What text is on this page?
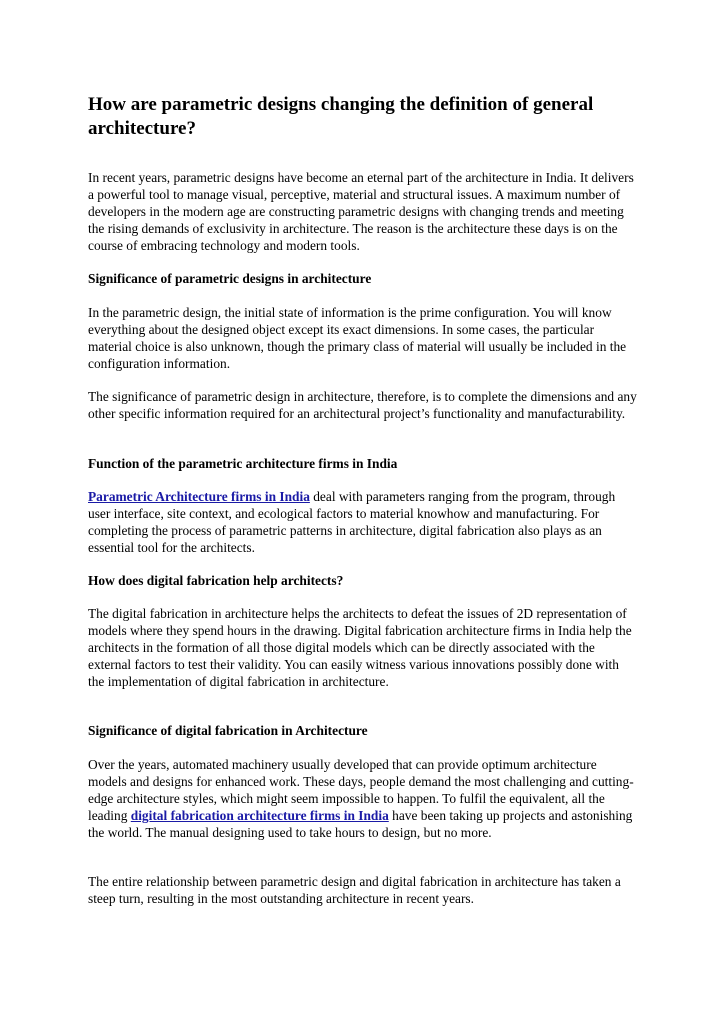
How are parametric designs changing the definition of general architecture?

In recent years, parametric designs have become an eternal part of the architecture in India. It delivers a powerful tool to manage visual, perceptive, material and structural issues. A maximum number of developers in the modern age are constructing parametric designs with changing trends and meeting the rising demands of exclusivity in architecture. The reason is the architecture these days is on the course of embracing technology and modern tools.

Significance of parametric designs in architecture

In the parametric design, the initial state of information is the prime configuration. You will know everything about the designed object except its exact dimensions. In some cases, the particular material choice is also unknown, though the primary class of material will usually be included in the configuration information.

The significance of parametric design in architecture, therefore, is to complete the dimensions and any other specific information required for an architectural project’s functionality and manufacturability.

Function of the parametric architecture firms in India

Parametric Architecture firms in India deal with parameters ranging from the program, through user interface, site context, and ecological factors to material knowhow and manufacturing. For completing the process of parametric patterns in architecture, digital fabrication also plays as an essential tool for the architects.

How does digital fabrication help architects?

The digital fabrication in architecture helps the architects to defeat the issues of 2D representation of models where they spend hours in the drawing. Digital fabrication architecture firms in India help the architects in the formation of all those digital models which can be directly associated with the external factors to test their validity. You can easily witness various innovations possibly done with the implementation of digital fabrication in architecture.

Significance of digital fabrication in Architecture

Over the years, automated machinery usually developed that can provide optimum architecture models and designs for enhanced work. These days, people demand the most challenging and cutting-edge architecture styles, which might seem impossible to happen. To fulfil the equivalent, all the leading digital fabrication architecture firms in India have been taking up projects and astonishing the world. The manual designing used to take hours to design, but no more.

The entire relationship between parametric design and digital fabrication in architecture has taken a steep turn, resulting in the most outstanding architecture in recent years.
